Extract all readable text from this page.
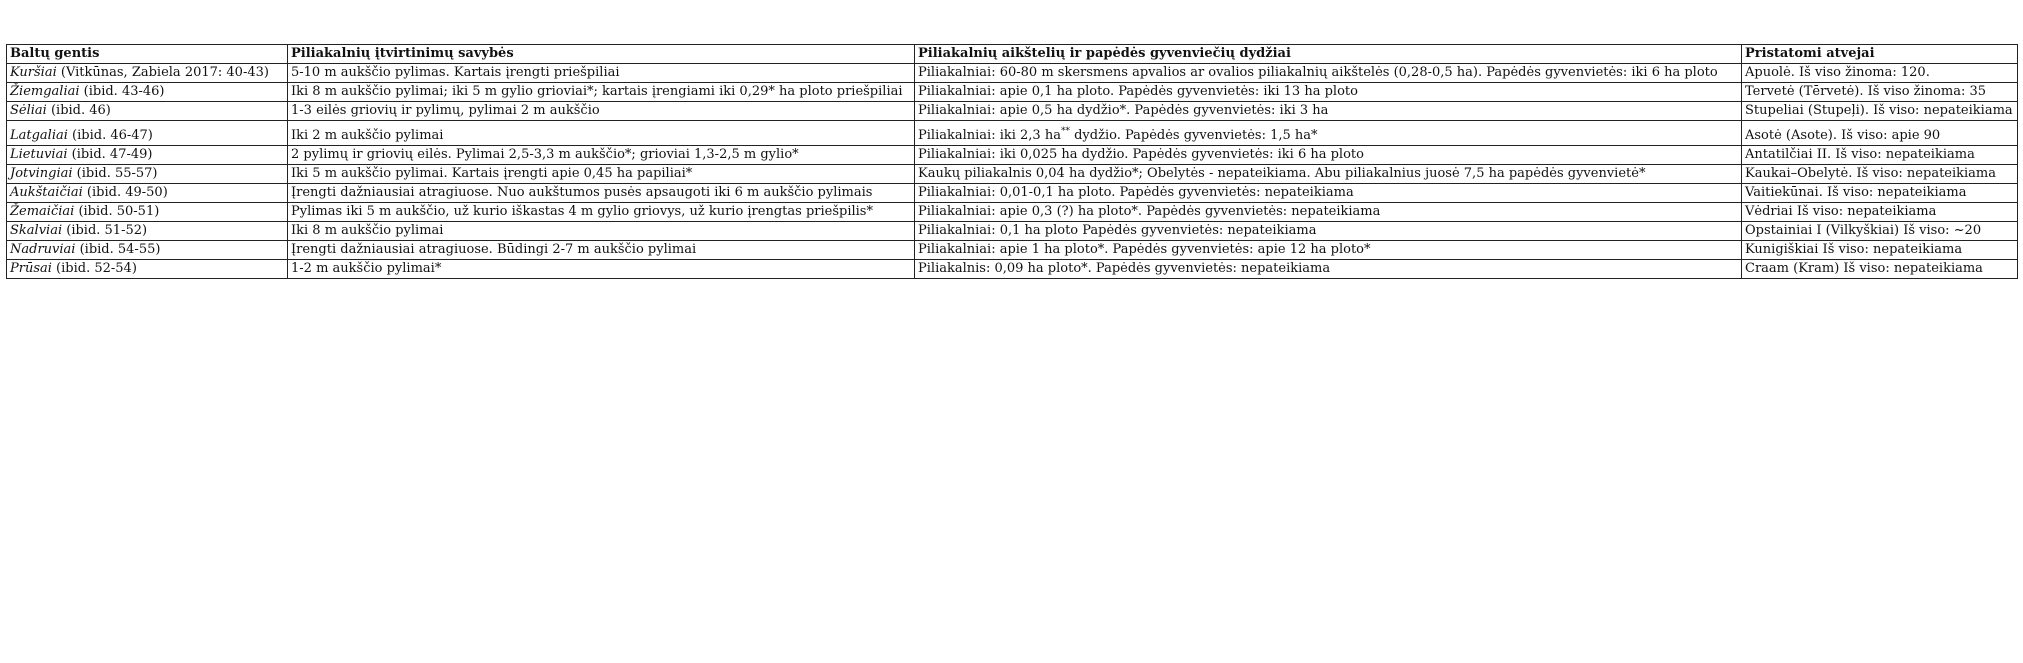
Baltų gentis	Piliakalnių įtvirtinimų savybės	Piliakalnių aikštelių ir papėdės gyvenviečių dydžiai	Pristatomi atvejai
Kuršiai (Vitkūnas, Zabiela 2017: 40-43)	5-10 m aukščio pylimas. Kartais įrengti priešpiliai	Piliakalniai: 60-80 m skersmens apvalios ar ovalios piliakalnių aikštelės (0,28-0,5 ha). Papėdės gyvenvietės: iki 6 ha ploto	Apuolė. Iš viso žinoma: 120.
Žiemgaliai (ibid. 43-46)	Iki 8 m aukščio pylimai; iki 5 m gylio grioviai*; kartais įrengiami iki 0,29* ha ploto priešpiliai	Piliakalniai: apie 0,1 ha ploto. Papėdės gyvenvietės: iki 13 ha ploto	Tervetė (Tērvetė). Iš viso žinoma: 35
Sėliai (ibid. 46)	1-3 eilės griovių ir pylimų, pylimai 2 m aukščio	Piliakalniai: apie 0,5 ha dydžio*. Papėdės gyvenvietės: iki 3 ha	Stupeliai (Stupeļi). Iš viso: nepateikiama
Latgaliai (ibid. 46-47)	Iki 2 m aukščio pylimai	Piliakalniai: iki 2,3 ha** dydžio. Papėdės gyvenvietės: 1,5 ha*	Asotė (Asote). Iš viso: apie 90
Lietuviai (ibid. 47-49)	2 pylimų ir griovių eilės. Pylimai 2,5-3,3 m aukščio*; grioviai 1,3-2,5 m gylio*	Piliakalniai: iki 0,025 ha dydžio. Papėdės gyvenvietės: iki 6 ha ploto	Antatilčiai II. Iš viso: nepateikiama
Jotvingiai (ibid. 55-57)	Iki 5 m aukščio pylimai. Kartais įrengti apie 0,45 ha papiliai*	Kaukų piliakalnis 0,04 ha dydžio*; Obelytės - nepateikiama. Abu piliakalnius juosė 7,5 ha papėdės gyvenvietė*	Kaukai–Obelytė. Iš viso: nepateikiama
Aukštaičiai (ibid. 49-50)	Įrengti dažniausiai atragiuose. Nuo aukštumos pusės apsaugoti iki 6 m aukščio pylimais	Piliakalniai: 0,01-0,1 ha ploto. Papėdės gyvenvietės: nepateikiama	Vaitiekūnai. Iš viso: nepateikiama
Žemaičiai (ibid. 50-51)	Pylimas iki 5 m aukščio, už kurio iškastas 4 m gylio griovys, už kurio įrengtas priešpilis*	Piliakalniai: apie 0,3 (?) ha ploto*. Papėdės gyvenvietės: nepateikiama	Vėdriai Iš viso: nepateikiama
Skalviai (ibid. 51-52)	Iki 8 m aukščio pylimai	Piliakalniai: 0,1 ha ploto Papėdės gyvenvietės: nepateikiama	Opstainiai I (Vilkyškiai) Iš viso: ~20
Nadruviai (ibid. 54-55)	Įrengti dažniausiai atragiuose. Būdingi 2-7 m aukščio pylimai	Piliakalniai: apie 1 ha ploto*. Papėdės gyvenvietės: apie 12 ha ploto*	Kunigiškiai Iš viso: nepateikiama
Prūsai (ibid. 52-54)	1-2 m aukščio pylimai*	Piliakalnis: 0,09 ha ploto*. Papėdės gyvenvietės: nepateikiama	Craam (Kram) Iš viso: nepateikiama
